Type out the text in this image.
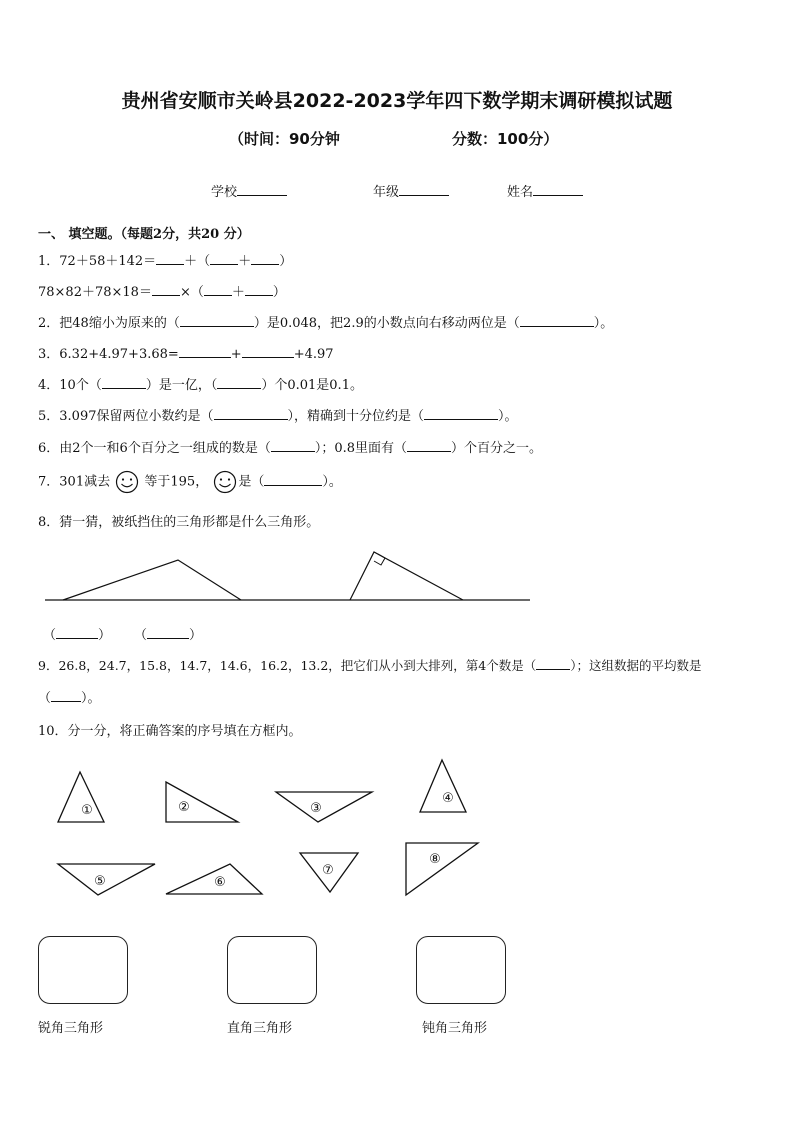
贵州省安顺市关岭县2022-2023学年四下数学期末调研模拟试题
（时间：90分钟	分数：100分）
学校	年级	姓名
一、 填空题。（每题2分，共20 分）
1．72＋58＋142＝ ＋（ ＋ ）
78×82＋78×18＝ ×（ ＋ ）
2．把48缩小为原来的（	）是0.048，把2.9的小数点向右移动两位是（	）。
3．6.32+4.97+3.68=	+	+4.97
4．10个（	）是一亿，（	）个0.01是0.1。
5．3.097保留两位小数约是（	），精确到十分位约是（	）。
6．由2个一和6个百分之一组成的数是（	）；0.8里面有（	）个百分之一。
7．301减去	等于195， 是（	）。
8．猜一猜，被纸挡住的三角形都是什么三角形。
（	） （	）
9．26.8，24.7，15.8，14.7，14.6，16.2，13.2，把它们从小到大排列，第4个数是（	）；这组数据的平均数是
（ ）。
10．分一分，将正确答案的序号填在方框内。
①	②	③
④
⑤	⑥
⑦
⑧
锐角三角形	直角三角形	钝角三角形
